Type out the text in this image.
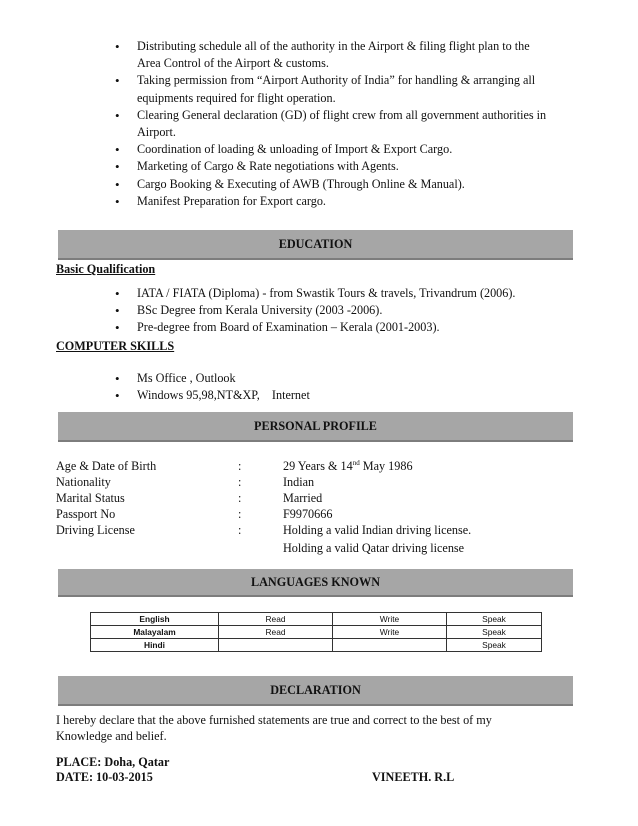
• Distributing schedule all of the authority in the Airport & filing flight plan to the Area Control of the Airport & customs.
• Taking permission from “Airport Authority of India” for handling & arranging all equipments required for flight operation.
• Clearing General declaration (GD) of flight crew from all government authorities in Airport.
• Coordination of loading & unloading of Import & Export Cargo.
• Marketing of Cargo & Rate negotiations with Agents.
• Cargo Booking & Executing of AWB (Through Online & Manual).
• Manifest Preparation for Export cargo.
EDUCATION
Basic Qualification
• IATA / FIATA (Diploma) - from Swastik Tours & travels, Trivandrum (2006).
• BSc Degree from Kerala University (2003 -2006).
• Pre-degree from Board of Examination – Kerala (2001-2003).
COMPUTER SKILLS
• Ms Office , Outlook
• Windows 95,98,NT&XP,    Internet
PERSONAL PROFILE
Age & Date of Birth	:	29 Years & 14nd May 1986
Nationality	:	Indian
Marital Status	:	Married
Passport No	:	F9970666
Driving License	:	Holding a valid Indian driving license.
Holding a valid Qatar driving license
LANGUAGES KNOWN
English	Read	Write	Speak
Malayalam	Read	Write	Speak
Hindi			Speak
DECLARATION
I hereby declare that the above furnished statements are true and correct to the best of my Knowledge and belief.
PLACE: Doha, Qatar
DATE: 10-03-2015	VINEETH. R.L
